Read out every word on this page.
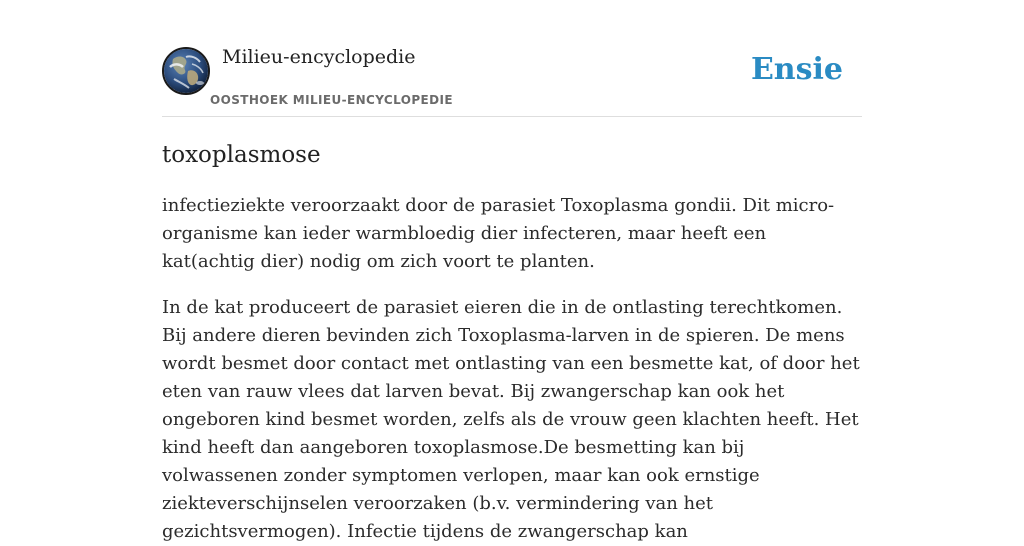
Milieu-encyclopedie
OOSTHOEK MILIEU-ENCYCLOPEDIE
Ensie
toxoplasmose

infectieziekte veroorzaakt door de parasiet Toxoplasma gondii. Dit micro-organisme kan ieder warmbloedig dier infecteren, maar heeft een kat(achtig dier) nodig om zich voort te planten.

In de kat produceert de parasiet eieren die in de ontlasting terechtkomen. Bij andere dieren bevinden zich Toxoplasma-larven in de spieren. De mens wordt besmet door contact met ontlasting van een besmette kat, of door het eten van rauw vlees dat larven bevat. Bij zwangerschap kan ook het ongeboren kind besmet worden, zelfs als de vrouw geen klachten heeft. Het kind heeft dan aangeboren toxoplasmose.De besmetting kan bij volwassenen zonder symptomen verlopen, maar kan ook ernstige ziekteverschijnselen veroorzaken (b.v. vermindering van het gezichtsvermogen). Infectie tijdens de zwangerschap kan
